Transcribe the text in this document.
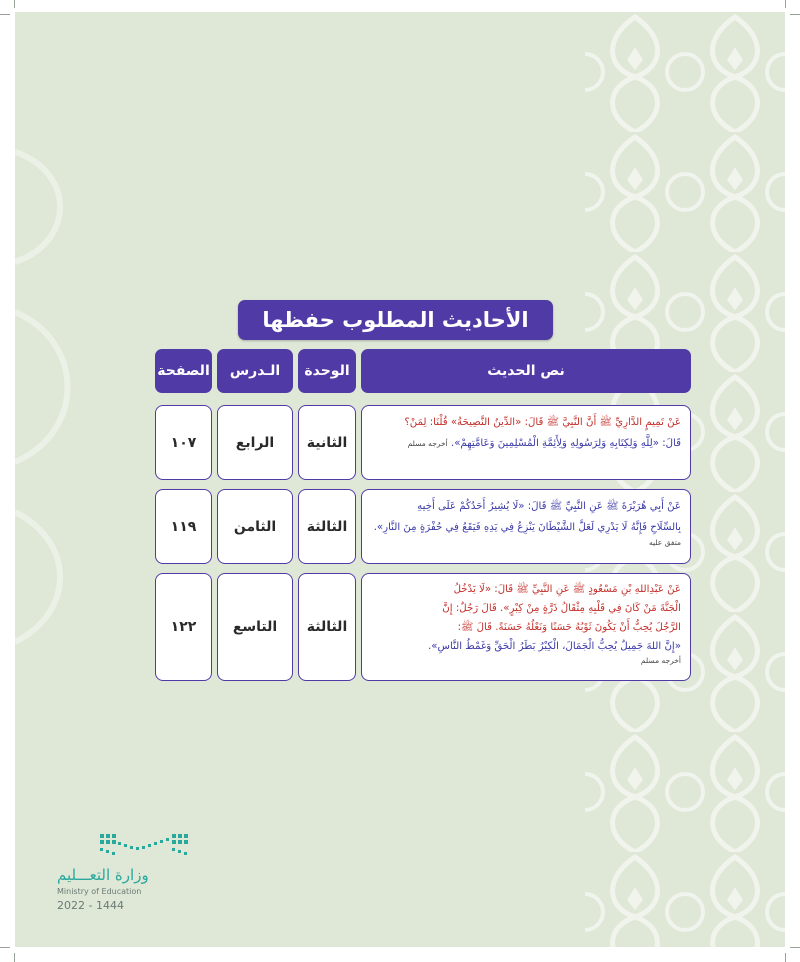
الأحاديث المطلوب حفظها
نص الحديث
الوحدة
الـدرس
الصفحة
عَنْ تَمِيمٍ الدَّارِيِّ ﷺ أَنَّ النَّبِيَّ ﷺ قَالَ: «الدِّينُ النَّصِيحَةُ» قُلْنَا: لِمَنْ؟
قَالَ: «لِلَّهِ وَلِكِتَابِهِ وَلِرَسُولِهِ وَلِأَئِمَّةِ الْمُسْلِمِينَ وَعَامَّتِهِمْ». أخرجه مسلم
الثانية
الرابع
١٠٧
عَنْ أَبِي هُرَيْرَةَ ﷺ عَنِ النَّبِيِّ ﷺ قَالَ: «لَا يُشِيرُ أَحَدُكُمْ عَلَى أَخِيهِ
بِالسِّلَاحِ فَإِنَّهُ لَا يَدْرِي لَعَلَّ الشَّيْطَانَ يَنْزِعُ فِي يَدِهِ فَيَقَعُ فِي حُفْرَةٍ مِنَ النَّارِ».
متفق عليه
الثالثة
الثامن
١١٩
عَنْ عَبْدِاللهِ بْنِ مَسْعُودٍ ﷺ عَنِ النَّبِيِّ ﷺ قَالَ: «لَا يَدْخُلُ
الْجَنَّةَ مَنْ كَانَ فِي قَلْبِهِ مِثْقَالُ ذَرَّةٍ مِنْ كِبْرٍ». قَالَ رَجُلٌ: إِنَّ
الرَّجُلَ يُحِبُّ أَنْ يَكُونَ ثَوْبُهُ حَسَنًا وَنَعْلُهُ حَسَنَةً. قَالَ ﷺ:
«إِنَّ اللهَ جَمِيلٌ يُحِبُّ الْجَمَالَ، الْكِبْرُ بَطَرُ الْحَقِّ وَغَمْطُ النَّاسِ».
أخرجه مسلم
الثالثة
التاسع
١٢٢
وزارة التعـــليم
Ministry of Education
2022 - 1444
